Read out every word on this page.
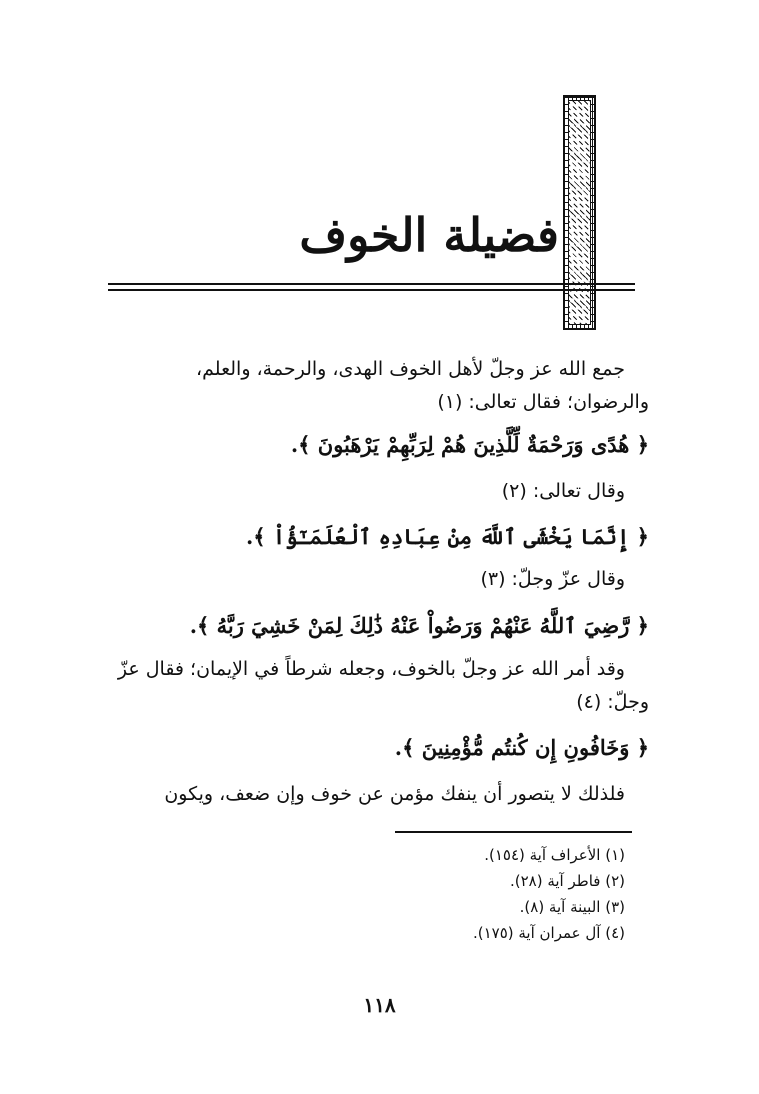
فضيلة الخوف

جمع الله عز وجلّ لأهل الخوف الهدى، والرحمة، والعلم، والرضوان؛ فقال تعالى: (١)

﴿ هُدًى وَرَحْمَةٌ لِّلَّذِينَ هُمْ لِرَبِّهِمْ يَرْهَبُونَ ﴾.

وقال تعالى: (٢)

﴿ إِنَّمَا يَخْشَى ٱللَّهَ مِنْ عِبَادِهِ ٱلْعُلَمَـٰٓؤُاْ ﴾.

وقال عزّ وجلّ: (٣)

﴿ رَّضِيَ ٱللَّهُ عَنْهُمْ وَرَضُواْ عَنْهُ ذَٰلِكَ لِمَنْ خَشِيَ رَبَّهُ ﴾.

وقد أمر الله عز وجلّ بالخوف، وجعله شرطاً في الإيمان؛ فقال عزّ وجلّ: (٤)

﴿ وَخَافُونِ إِن كُنتُم مُّؤْمِنِينَ ﴾.

فلذلك لا يتصور أن ينفك مؤمن عن خوف وإن ضعف، ويكون

(١) الأعراف آية (١٥٤).
(٢) فاطر آية (٢٨).
(٣) البينة آية (٨).
(٤) آل عمران آية (١٧٥).
١١٨
